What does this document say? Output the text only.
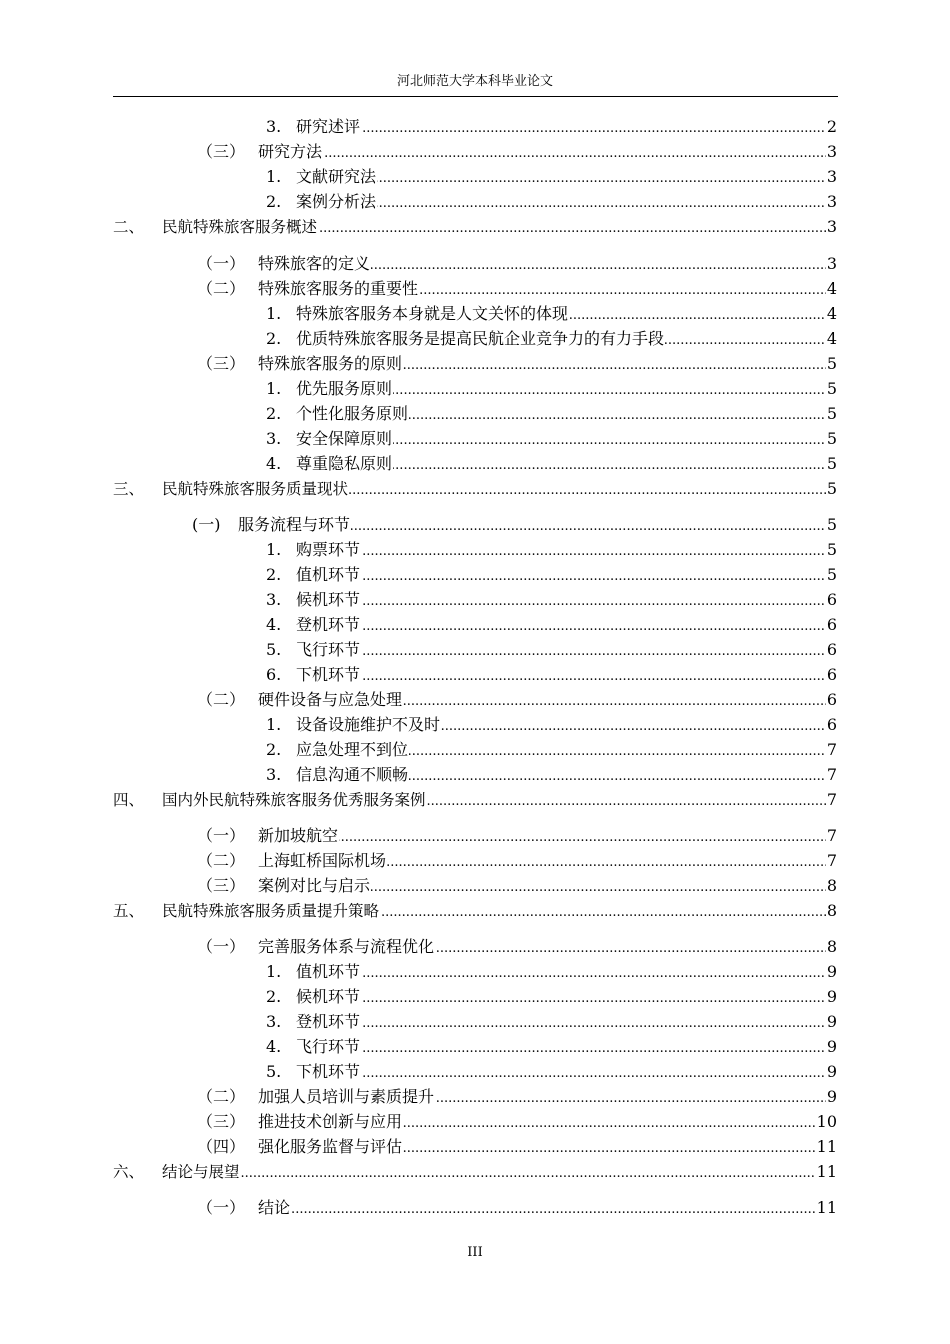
河北师范大学本科毕业论文
3. ..... 研究述评	2
（三） ..... 研究方法	3
1. ..... 文献研究法	3
2. ..... 案例分析法	3
二、 ..... 民航特殊旅客服务概述	3
（一） ..... 特殊旅客的定义	3
（二） ..... 特殊旅客服务的重要性	4
1. ..... 特殊旅客服务本身就是人文关怀的体现	4
2. ..... 优质特殊旅客服务是提高民航企业竞争力的有力手段	4
（三） ..... 特殊旅客服务的原则	5
1. ..... 优先服务原则	5
2. ..... 个性化服务原则	5
3. ..... 安全保障原则	5
4. ..... 尊重隐私原则	5
三、 ..... 民航特殊旅客服务质量现状	5
(一) ..... 服务流程与环节	5
1. ..... 购票环节	5
2. ..... 值机环节	5
3. ..... 候机环节	6
4. ..... 登机环节	6
5. ..... 飞行环节	6
6. ..... 下机环节	6
（二） ..... 硬件设备与应急处理	6
1. ..... 设备设施维护不及时	6
2. ..... 应急处理不到位	7
3. ..... 信息沟通不顺畅	7
四、 ..... 国内外民航特殊旅客服务优秀服务案例	7
（一） ..... 新加坡航空	7
（二） ..... 上海虹桥国际机场	7
（三） ..... 案例对比与启示	8
五、 ..... 民航特殊旅客服务质量提升策略	8
（一） ..... 完善服务体系与流程优化	8
1. ..... 值机环节	9
2. ..... 候机环节	9
3. ..... 登机环节	9
4. ..... 飞行环节	9
5. ..... 下机环节	9
（二） ..... 加强人员培训与素质提升	9
（三） ..... 推进技术创新与应用	10
（四） ..... 强化服务监督与评估	11
六、 ..... 结论与展望	11
（一） ..... 结论	11
III
